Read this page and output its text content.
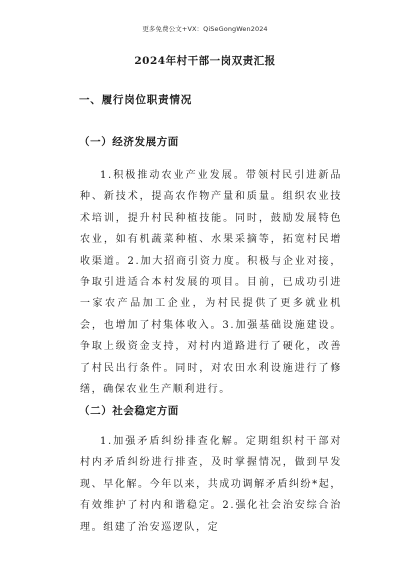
更多免费公文+VX：QiSeGongWen2024
2024年村干部一岗双责汇报
一、履行岗位职责情况
（一）经济发展方面

1.积极推动农业产业发展。带领村民引进新品种、新技术，提高农作物产量和质量。组织农业技术培训，提升村民种植技能。同时，鼓励发展特色农业，如有机蔬菜种植、水果采摘等，拓宽村民增收渠道。2.加大招商引资力度。积极与企业对接，争取引进适合本村发展的项目。目前，已成功引进一家农产品加工企业，为村民提供了更多就业机会，也增加了村集体收入。3.加强基础设施建设。争取上级资金支持，对村内道路进行了硬化，改善了村民出行条件。同时，对农田水利设施进行了修缮，确保农业生产顺利进行。

（二）社会稳定方面

1.加强矛盾纠纷排查化解。定期组织村干部对村内矛盾纠纷进行排查，及时掌握情况，做到早发现、早化解。今年以来，共成功调解矛盾纠纷*起，有效维护了村内和谐稳定。2.强化社会治安综合治理。组建了治安巡逻队，定
